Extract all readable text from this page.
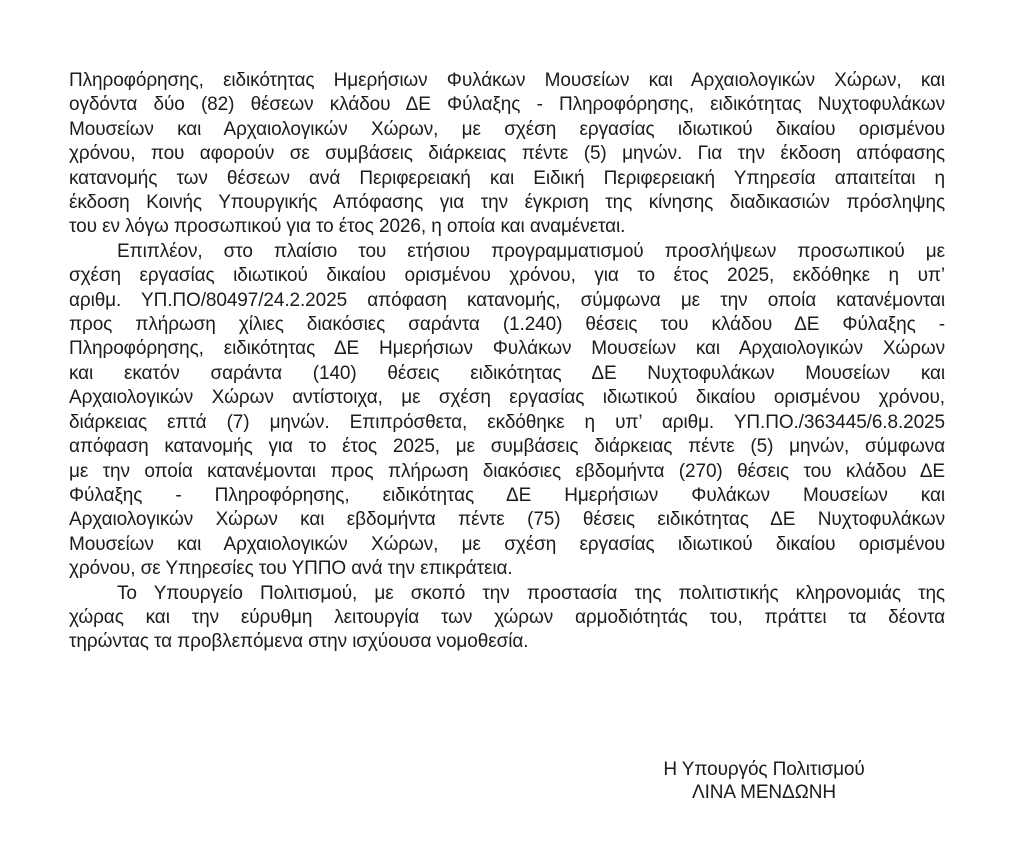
Πληροφόρησης, ειδικότητας Ημερήσιων Φυλάκων Μουσείων και Αρχαιολογικών Χώρων, και
ογδόντα δύο (82) θέσεων κλάδου ΔΕ Φύλαξης - Πληροφόρησης, ειδικότητας Νυχτοφυλάκων
Μουσείων και Αρχαιολογικών Χώρων, με σχέση εργασίας ιδιωτικού δικαίου ορισμένου
χρόνου, που αφορούν σε συμβάσεις διάρκειας πέντε (5) μηνών. Για την έκδοση απόφασης
κατανομής των θέσεων ανά Περιφερειακή και Ειδική Περιφερειακή Υπηρεσία απαιτείται η
έκδοση Κοινής Υπουργικής Απόφασης για την έγκριση της κίνησης διαδικασιών πρόσληψης
του εν λόγω προσωπικού για το έτος 2026, η οποία και αναμένεται.
Επιπλέον, στο πλαίσιο του ετήσιου προγραμματισμού προσλήψεων προσωπικού με
σχέση εργασίας ιδιωτικού δικαίου ορισμένου χρόνου, για το έτος 2025, εκδόθηκε η υπ’
αριθμ. ΥΠ.ΠΟ/80497/24.2.2025 απόφαση κατανομής, σύμφωνα με την οποία κατανέμονται
προς πλήρωση χίλιες διακόσιες σαράντα (1.240) θέσεις του κλάδου ΔΕ Φύλαξης -
Πληροφόρησης, ειδικότητας ΔΕ Ημερήσιων Φυλάκων Μουσείων και Αρχαιολογικών Χώρων
και εκατόν σαράντα (140) θέσεις ειδικότητας ΔΕ Νυχτοφυλάκων Μουσείων και
Αρχαιολογικών Χώρων αντίστοιχα, με σχέση εργασίας ιδιωτικού δικαίου ορισμένου χρόνου,
διάρκειας επτά (7) μηνών. Επιπρόσθετα, εκδόθηκε η υπ’ αριθμ. ΥΠ.ΠΟ./363445/6.8.2025
απόφαση κατανομής για το έτος 2025, με συμβάσεις διάρκειας πέντε (5) μηνών, σύμφωνα
με την οποία κατανέμονται προς πλήρωση διακόσιες εβδομήντα (270) θέσεις του κλάδου ΔΕ
Φύλαξης - Πληροφόρησης, ειδικότητας ΔΕ Ημερήσιων Φυλάκων Μουσείων και
Αρχαιολογικών Χώρων και εβδομήντα πέντε (75) θέσεις ειδικότητας ΔΕ Νυχτοφυλάκων
Μουσείων και Αρχαιολογικών Χώρων, με σχέση εργασίας ιδιωτικού δικαίου ορισμένου
χρόνου, σε Υπηρεσίες του ΥΠΠΟ ανά την επικράτεια.
Το Υπουργείο Πολιτισμού, με σκοπό την προστασία της πολιτιστικής κληρονομιάς της
χώρας και την εύρυθμη λειτουργία των χώρων αρμοδιότητάς του, πράττει τα δέοντα
τηρώντας τα προβλεπόμενα στην ισχύουσα νομοθεσία.
Η Υπουργός Πολιτισμού
ΛΙΝΑ ΜΕΝΔΩΝΗ
